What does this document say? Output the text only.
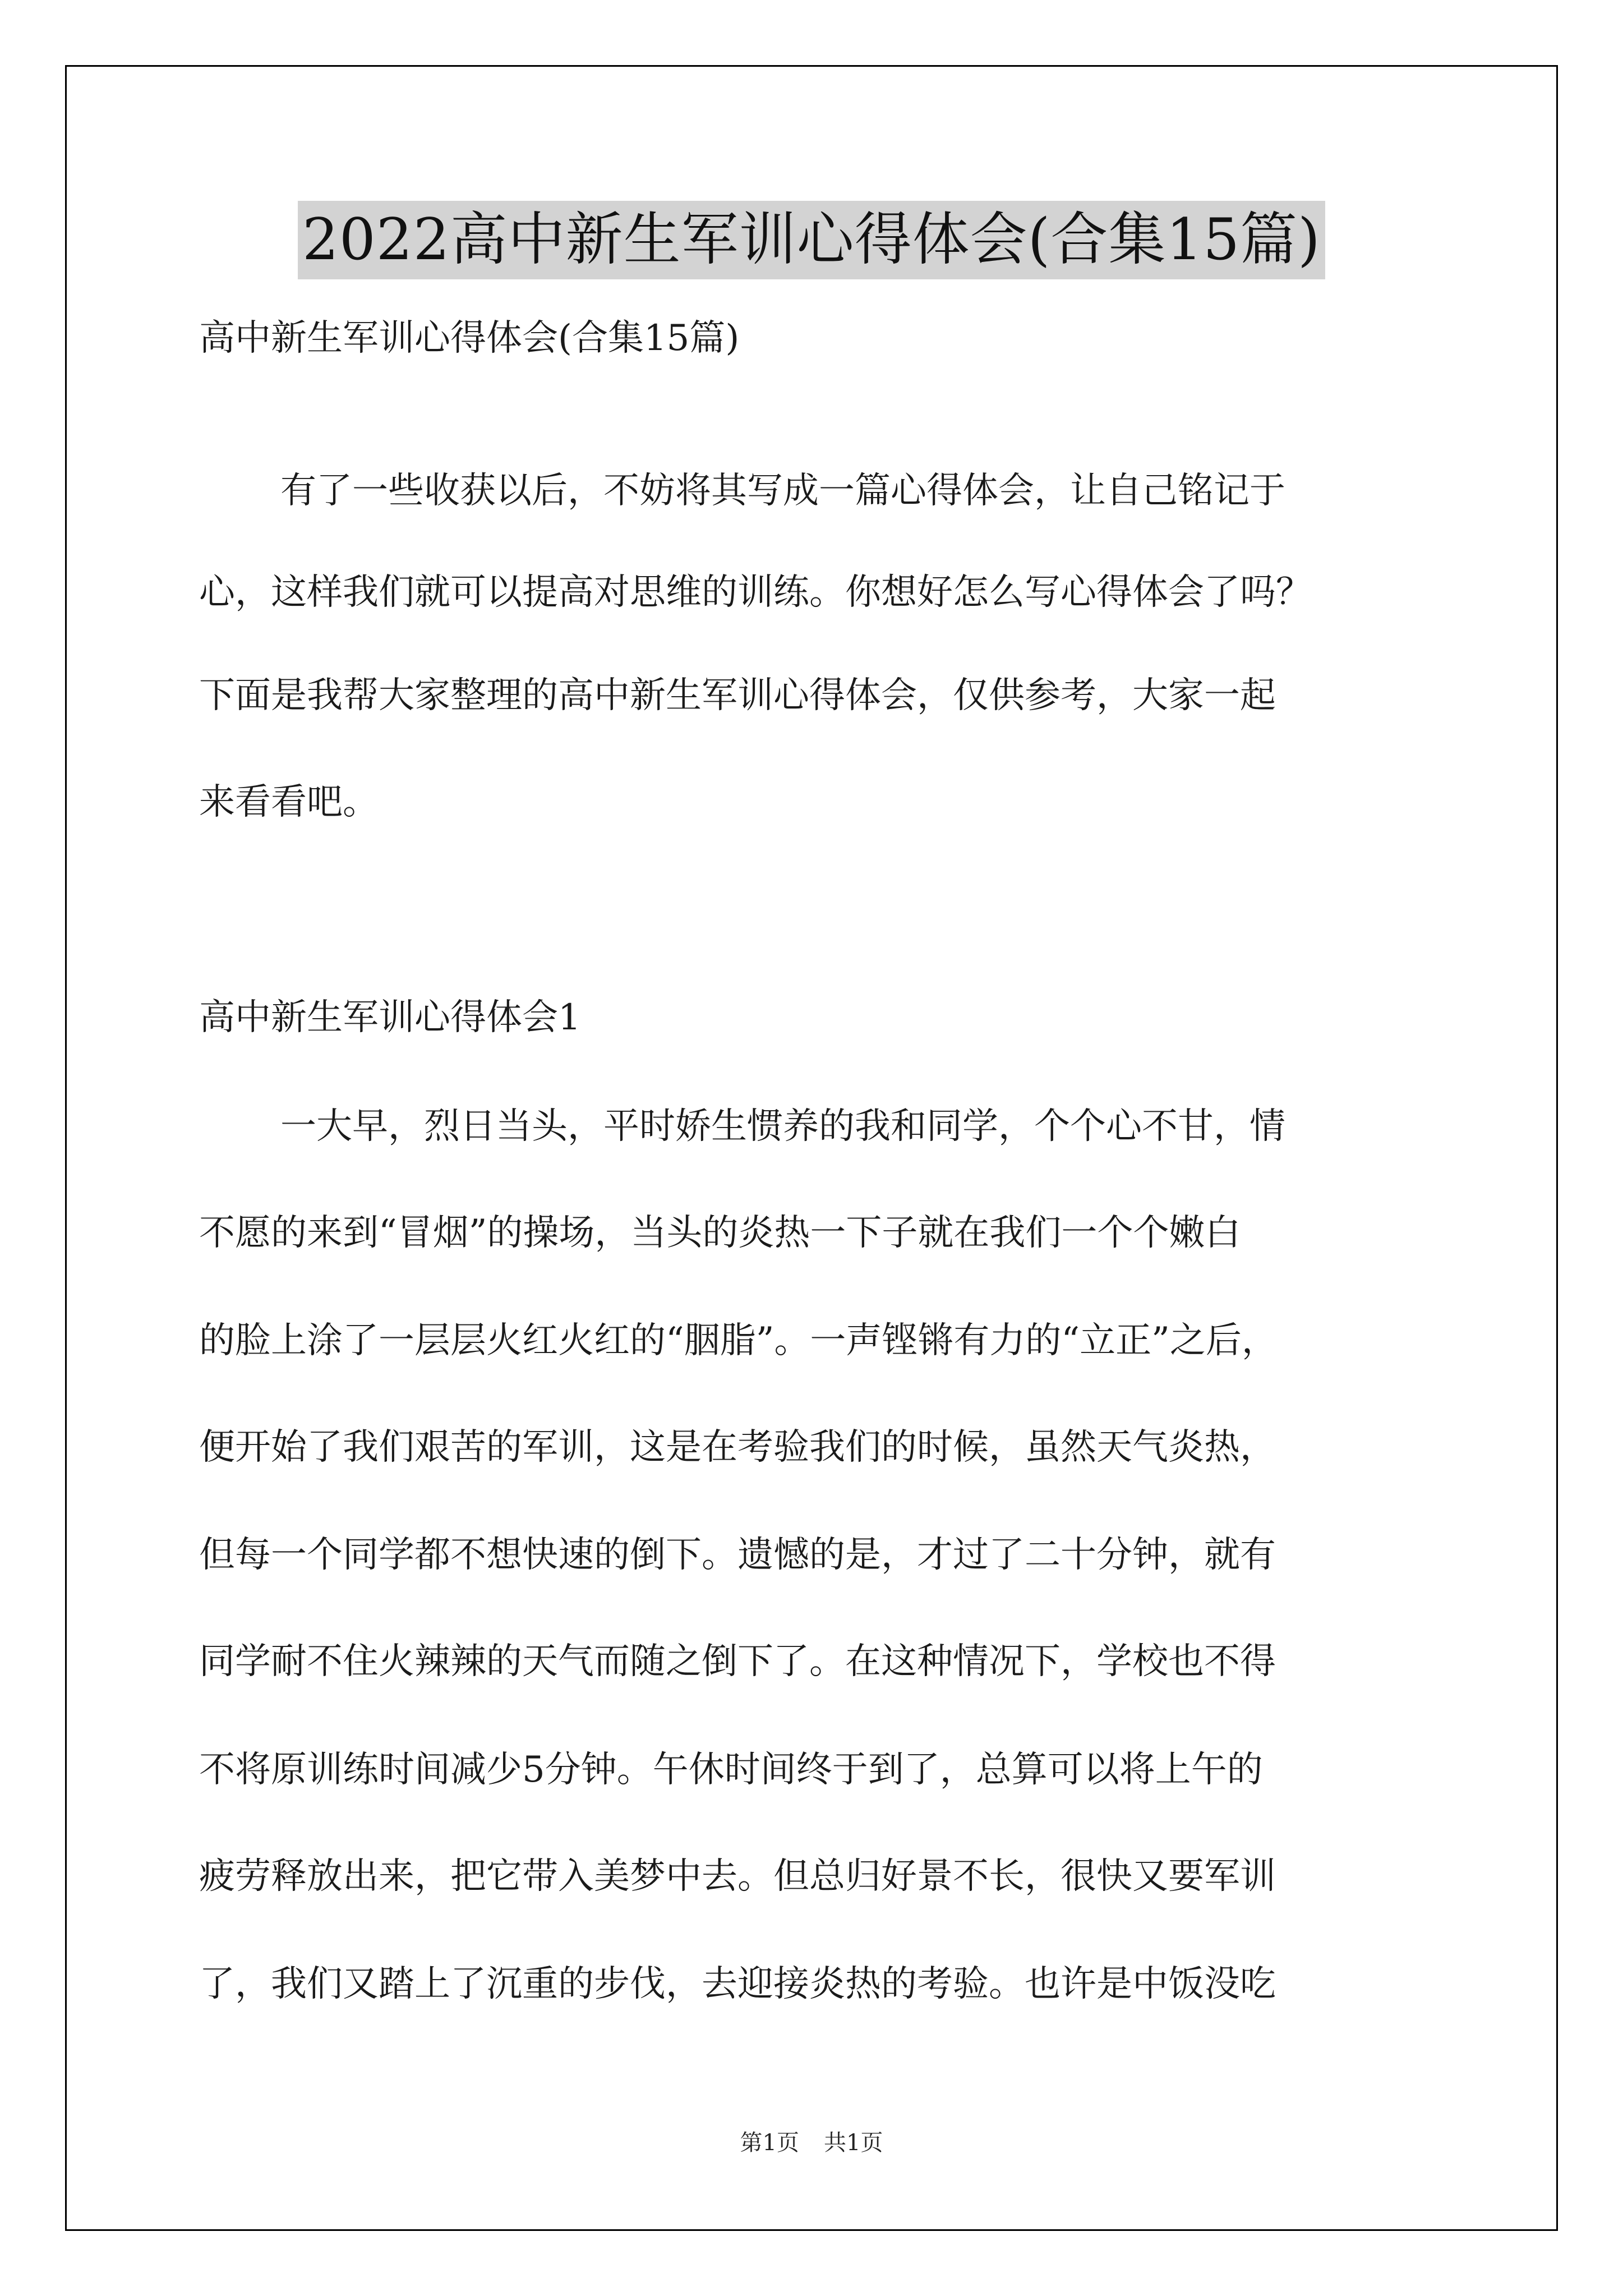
2022高中新生军训心得体会(合集15篇)
高中新生军训心得体会(合集15篇)
有了一些收获以后，不妨将其写成一篇心得体会，让自己铭记于
心，这样我们就可以提高对思维的训练。你想好怎么写心得体会了吗？
下面是我帮大家整理的高中新生军训心得体会，仅供参考，大家一起
来看看吧。
高中新生军训心得体会1
一大早，烈日当头，平时娇生惯养的我和同学，个个心不甘，情
不愿的来到“冒烟”的操场，当头的炎热一下子就在我们一个个嫩白
的脸上涂了一层层火红火红的“胭脂”。一声铿锵有力的“立正”之后，
便开始了我们艰苦的军训，这是在考验我们的时候，虽然天气炎热，
但每一个同学都不想快速的倒下。遗憾的是，才过了二十分钟，就有
同学耐不住火辣辣的天气而随之倒下了。在这种情况下，学校也不得
不将原训练时间减少5分钟。午休时间终于到了，总算可以将上午的
疲劳释放出来，把它带入美梦中去。但总归好景不长，很快又要军训
了，我们又踏上了沉重的步伐，去迎接炎热的考验。也许是中饭没吃
第1页 共1页
